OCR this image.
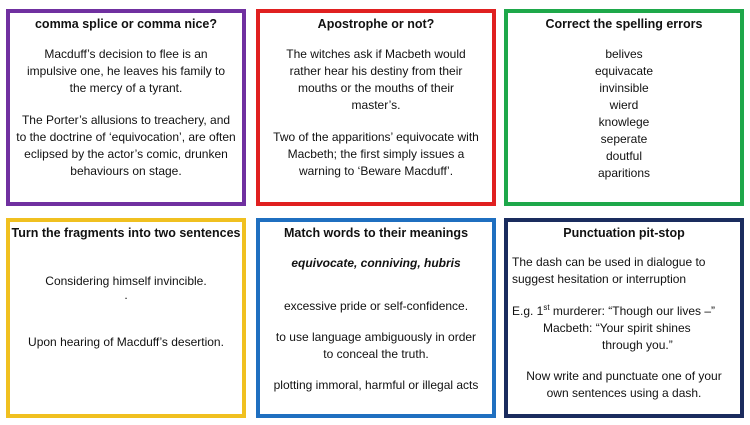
comma splice or comma nice?

Macduff’s decision to flee is an impulsive one, he leaves his family to the mercy of a tyrant.

The Porter’s allusions to treachery, and to the doctrine of ‘equivocation’, are often eclipsed by the actor’s comic, drunken behaviours on stage.

Apostrophe or not?

The witches ask if Macbeth would rather hear his destiny from their mouths or the mouths of their master’s.

Two of the apparitions’ equivocate with Macbeth; the first simply issues a warning to ‘Beware Macduff’.

Correct the spelling errors

belives

equivacate

invinsible

wierd

knowlege

seperate

doutful

aparitions

Turn the fragments into two sentences

Considering himself invincible.

.

Upon hearing of Macduff’s desertion.

Match words to their meanings

equivocate, conniving, hubris

excessive pride or self-confidence.

to use language ambiguously in order to conceal the truth.

plotting immoral, harmful or illegal acts

Punctuation pit-stop

The dash can be used in dialogue to suggest hesitation or interruption

E.g. 1st murderer: “Though our lives –”

Macbeth: “Your spirit shines

through you.”

Now write and punctuate one of your own sentences using a dash.
